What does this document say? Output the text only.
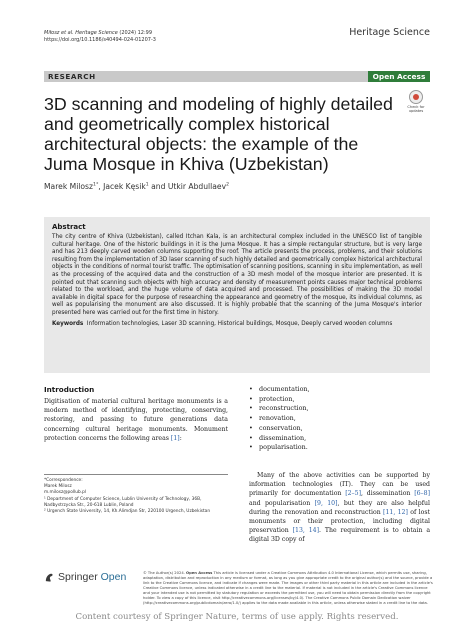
Miłosz et al. Heritage Science (2024) 12:99
https://doi.org/10.1186/s40494-024-01207-3
Heritage Science
RESEARCH	Open Access
3D scanning and modeling of highly detailed and geometrically complex historical architectural objects: the example of the Juma Mosque in Khiva (Uzbekistan)
Check for updates
Marek Milosz$^{1*}$, Jacek Kęsik$^1$ and Utkir Abdullaev$^2$
Abstract
The city centre of Khiva (Uzbekistan), called Itchan Kala, is an architectural complex included in the UNESCO list of tangible cultural heritage. One of the historic buildings in it is the Juma Mosque. It has a simple rectangular structure, but is very large and has 213 deeply carved wooden columns supporting the roof. The article presents the process, problems, and their solutions resulting from the implementation of 3D laser scanning of such highly detailed and geometrically complex historical architectural objects in the conditions of normal tourist traffic. The optimisation of scanning positions, scanning in situ implementation, as well as the processing of the acquired data and the construction of a 3D mesh model of the mosque interior are presented. It is pointed out that scanning such objects with high accuracy and density of measurement points causes major technical problems related to the workload, and the huge volume of data acquired and processed. The possibilities of making the 3D model available in digital space for the purpose of researching the appearance and geometry of the mosque, its individual columns, as well as popularising the monument are also discussed. It is highly probable that the scanning of the Juma Mosque's interior presented here was carried out for the first time in history.
Keywords Information technologies, Laser 3D scanning, Historical buildings, Mosque, Deeply carved wooden columns
Introduction
Digitisation of material cultural heritage monuments is a modern method of identifying, protecting, conserving, restoring, and passing to future generations data concerning cultural heritage monuments. Monument protection concerns the following areas [1]:
*Correspondence:
Marek Milosz
m.milosz@pollub.pl
¹ Department of Computer Science, Lublin University of Technology, 36B, Nadbystrzycka Str., 20-618 Lublin, Poland
² Urgench State University, 14, Kh.Alimdjan Str, 220100 Urgench, Uzbekistan
• documentation,
• protection,
• reconstruction,
• renovation,
• conservation,
• dissemination,
• popularisation.
Many of the above activities can be supported by information technologies (IT). They can be used primarily for documentation [2–5], dissemination [6–8] and popularisation [9, 10], but they are also helpful during the renovation and reconstruction [11, 12] of lost monuments or their protection, including digital preservation [13, 14]. The requirement is to obtain a digital 3D copy of
Springer Open	© The Author(s) 2024. Open Access This article is licensed under a Creative Commons Attribution 4.0 International License, which permits use, sharing, adaptation, distribution and reproduction in any medium or format, as long as you give appropriate credit to the original author(s) and the source, provide a link to the Creative Commons licence, and indicate if changes were made. The images or other third party material in this article are included in the article's Creative Commons licence, unless indicated otherwise in a credit line to the material. If material is not included in the article's Creative Commons licence and your intended use is not permitted by statutory regulation or exceeds the permitted use, you will need to obtain permission directly from the copyright holder. To view a copy of this licence, visit http://creativecommons.org/licenses/by/4.0/. The Creative Commons Public Domain Dedication waiver (http://creativecommons.org/publicdomain/zero/1.0/) applies to the data made available in this article, unless otherwise stated in a credit line to the data.
Content courtesy of Springer Nature, terms of use apply. Rights reserved.
